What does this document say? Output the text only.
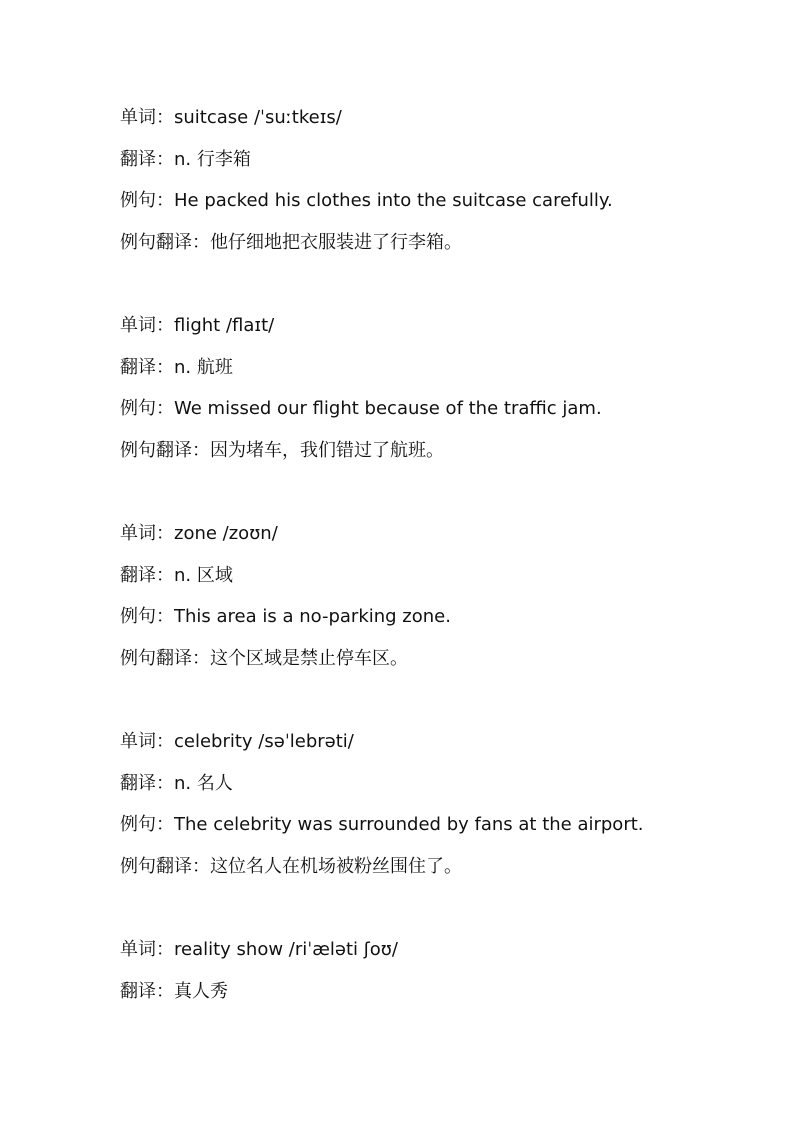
单词：suitcase /ˈsuːtkeɪs/
翻译：n. 行李箱
例句：He packed his clothes into the suitcase carefully.
例句翻译：他仔细地把衣服装进了行李箱。
单词：flight /flaɪt/
翻译：n. 航班
例句：We missed our flight because of the traffic jam.
例句翻译：因为堵车，我们错过了航班。
单词：zone /zoʊn/
翻译：n. 区域
例句：This area is a no-parking zone.
例句翻译：这个区域是禁止停车区。
单词：celebrity /səˈlebrəti/
翻译：n. 名人
例句：The celebrity was surrounded by fans at the airport.
例句翻译：这位名人在机场被粉丝围住了。
单词：reality show /riˈæləti ʃoʊ/
翻译：真人秀
